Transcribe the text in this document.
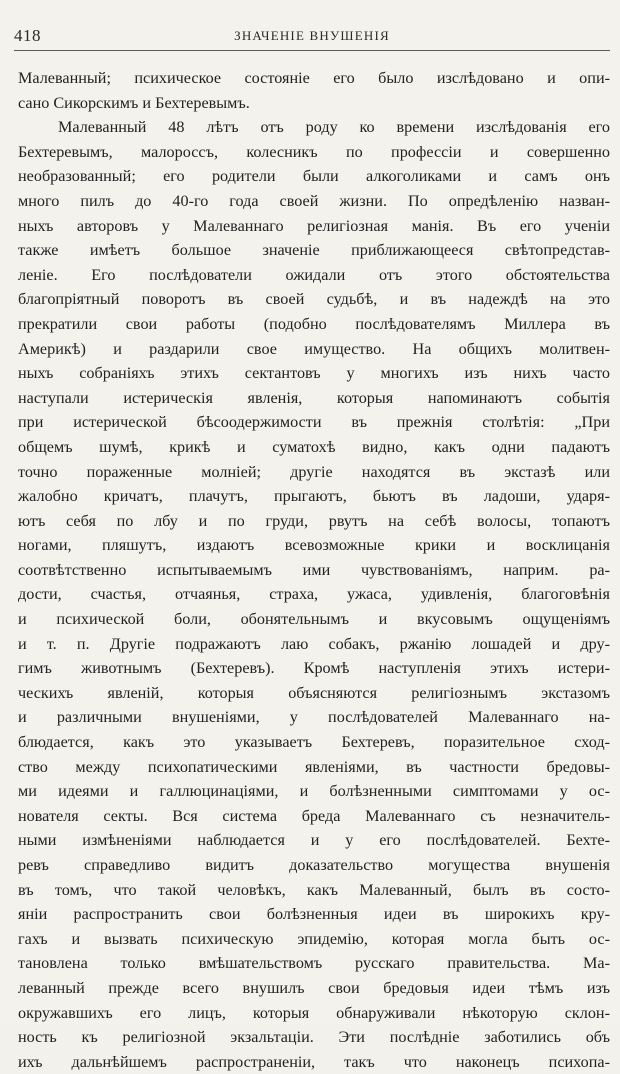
418	ЗНАЧЕНІЕ ВНУШЕНІЯ
Малеванный; психическое состояніе его было изслѣдовано и опи-
сано Сикорскимъ и Бехтеревымъ.
Малеванный 48 лѣтъ отъ роду ко времени изслѣдованія его
Бехтеревымъ, малороссъ, колесникъ по профессіи и совершенно
необразованный; его родители были алкоголиками и самъ онъ
много пилъ до 40-го года своей жизни. По опредѣленію назван-
ныхъ авторовъ у Малеваннаго религіозная манія. Въ его ученіи
также имѣетъ большое значеніе приближающееся свѣтопредстав-
леніе. Его послѣдователи ожидали отъ этого обстоятельства
благопріятный поворотъ въ своей судьбѣ, и въ надеждѣ на это
прекратили свои работы (подобно послѣдователямъ Миллера въ
Америкѣ) и раздарили свое имущество. На общихъ молитвен-
ныхъ собраніяхъ этихъ сектантовъ у многихъ изъ нихъ часто
наступали истерическія явленія, которыя напоминаютъ событія
при истерической бѣсоодержимости въ прежнія столѣтія: „При
общемъ шумѣ, крикѣ и суматохѣ видно, какъ одни падаютъ
точно пораженные молніей; другіе находятся въ экстазѣ или
жалобно кричатъ, плачутъ, прыгаютъ, бьютъ въ ладоши, ударя-
ютъ себя по лбу и по груди, рвутъ на себѣ волосы, топаютъ
ногами, пляшутъ, издаютъ всевозможные крики и восклицанія
соотвѣтственно испытываемымъ ими чувствованіямъ, наприм. ра-
дости, счастья, отчаянья, страха, ужаса, удивленія, благоговѣнія
и психической боли, обонятельнымъ и вкусовымъ ощущеніямъ
и т. п. Другіе подражаютъ лаю собакъ, ржанію лошадей и дру-
гимъ животнымъ (Бехтеревъ). Кромѣ наступленія этихъ истери-
ческихъ явленій, которыя объясняются религіознымъ экстазомъ
и различными внушеніями, у послѣдователей Малеваннаго на-
блюдается, какъ это указываетъ Бехтеревъ, поразительное сход-
ство между психопатическими явленіями, въ частности бредовы-
ми идеями и галлюцинаціями, и болѣзненными симптомами у ос-
нователя секты. Вся система бреда Малеваннаго съ незначитель-
ными измѣненіями наблюдается и у его послѣдователей. Бехте-
ревъ справедливо видитъ доказательство могущества внушенія
въ томъ, что такой человѣкъ, какъ Малеванный, былъ въ состо-
яніи распространить свои болѣзненныя идеи въ широкихъ кру-
гахъ и вызвать психическую эпидемію, которая могла быть ос-
тановлена только вмѣшательствомъ русскаго правительства. Ма-
леванный прежде всего внушилъ свои бредовыя идеи тѣмъ изъ
окружавшихъ его лицъ, которыя обнаруживали нѣкоторую склон-
ность къ религіозной экзальтаціи. Эти послѣдніе заботились объ
ихъ дальнѣйшемъ распространеніи, такъ что наконецъ психопа-
